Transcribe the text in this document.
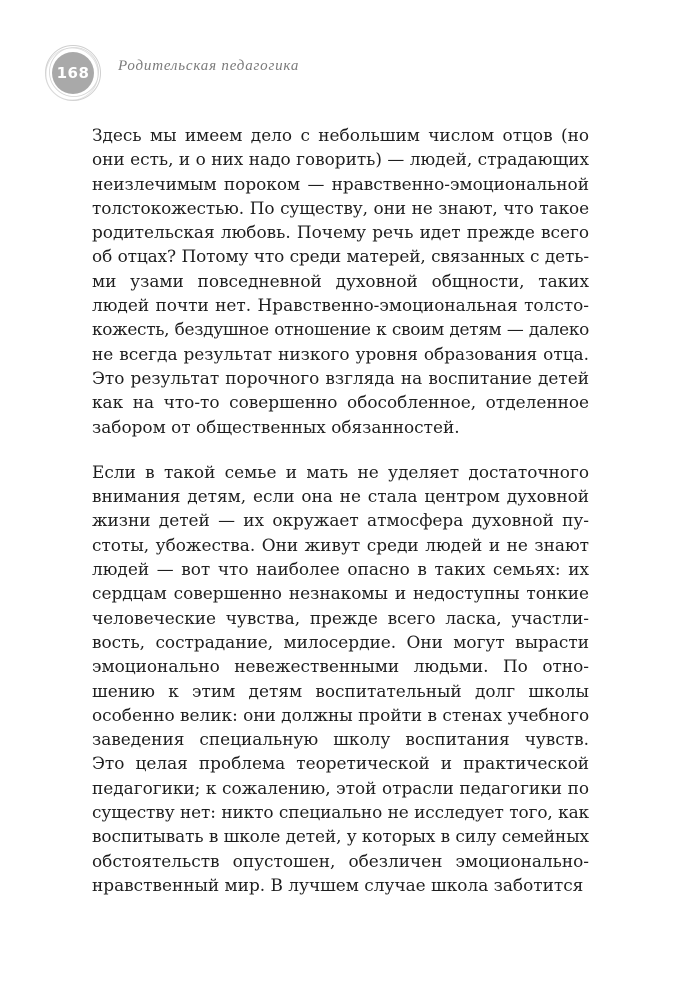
168	Родительская педагогика

Здесь мы имеем дело с небольшим числом отцов (но

они есть, и о них надо говорить) — людей, страдающих

неизлечимым пороком — нравственно-эмоциональной

толстокожестью. По существу, они не знают, что такое

родительская любовь. Почему речь идет прежде всего

об отцах? Потому что среди матерей, связанных с деть-

ми узами повседневной духовной общности, таких

людей почти нет. Нравственно-эмоциональная толсто-

кожесть, бездушное отношение к своим детям — далеко

не всегда результат низкого уровня образования отца.

Это результат порочного взгляда на воспитание детей

как на что-то совершенно обособленное, отделенное

забором от общественных обязанностей.

Если в такой семье и мать не уделяет достаточного

внимания детям, если она не стала центром духовной

жизни детей — их окружает атмосфера духовной пу-

стоты, убожества. Они живут среди людей и не знают

людей — вот что наиболее опасно в таких семьях: их

сердцам совершенно незнакомы и недоступны тонкие

человеческие чувства, прежде всего ласка, участли-

вость, сострадание, милосердие. Они могут вырасти

эмоционально невежественными людьми. По отно-

шению к этим детям воспитательный долг школы

особенно велик: они должны пройти в стенах учебного

заведения специальную школу воспитания чувств.

Это целая проблема теоретической и практической

педагогики; к сожалению, этой отрасли педагогики по

существу нет: никто специально не исследует того, как

воспитывать в школе детей, у которых в силу семейных

обстоятельств опустошен, обезличен эмоционально-

нравственный мир. В лучшем случае школа заботится
